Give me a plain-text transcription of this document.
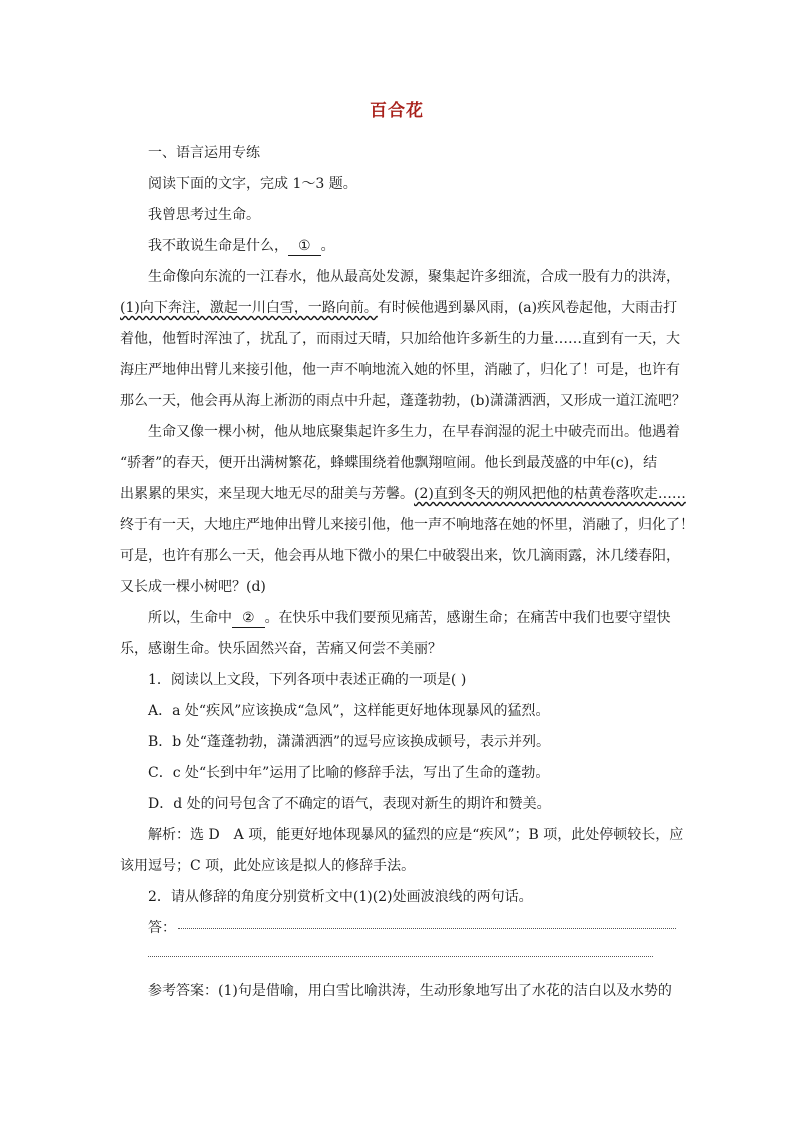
百合花

一、语言运用专练

阅读下面的文字，完成 1～3 题。

我曾思考过生命。

我不敢说生命是什么， ① 。

生命像向东流的一江春水，他从最高处发源，聚集起许多细流，合成一股有力的洪涛，

(1)向下奔注，激起一川白雪，一路向前。有时候他遇到暴风雨，(a)疾风卷起他，大雨击打

着他，他暂时浑浊了，扰乱了，而雨过天晴，只加给他许多新生的力量……直到有一天，大

海庄严地伸出臂儿来接引他，他一声不响地流入她的怀里，消融了，归化了！可是，也许有

那么一天，他会再从海上淅沥的雨点中升起，蓬蓬勃勃，(b)潇潇洒洒，又形成一道江流吧？

生命又像一棵小树，他从地底聚集起许多生力，在早春润湿的泥土中破壳而出。他遇着

“骄奢”的春天，便开出满树繁花，蜂蝶围绕着他飘翔喧闹。他长到最茂盛的中年(c)，结

出累累的果实，来呈现大地无尽的甜美与芳馨。(2)直到冬天的朔风把他的枯黄卷落吹走……

终于有一天，大地庄严地伸出臂儿来接引他，他一声不响地落在她的怀里，消融了，归化了！

可是，也许有那么一天，他会再从地下微小的果仁中破裂出来，饮几滴雨露，沐几缕春阳，

又长成一棵小树吧？(d)

所以，生命中 ② 。在快乐中我们要预见痛苦，感谢生命；在痛苦中我们也要守望快

乐，感谢生命。快乐固然兴奋，苦痛又何尝不美丽？

1．阅读以上文段，下列各项中表述正确的一项是( )

A．a 处“疾风”应该换成“急风”，这样能更好地体现暴风的猛烈。

B．b 处“蓬蓬勃勃，潇潇洒洒”的逗号应该换成顿号，表示并列。

C．c 处“长到中年”运用了比喻的修辞手法，写出了生命的蓬勃。

D．d 处的问号包含了不确定的语气，表现对新生的期许和赞美。

解析：选 D　A 项，能更好地体现暴风的猛烈的应是“疾风”；B 项，此处停顿较长，应

该用逗号；C 项，此处应该是拟人的修辞手法。

2．请从修辞的角度分别赏析文中(1)(2)处画波浪线的两句话。

答：

参考答案：(1)句是借喻，用白雪比喻洪涛，生动形象地写出了水花的洁白以及水势的
